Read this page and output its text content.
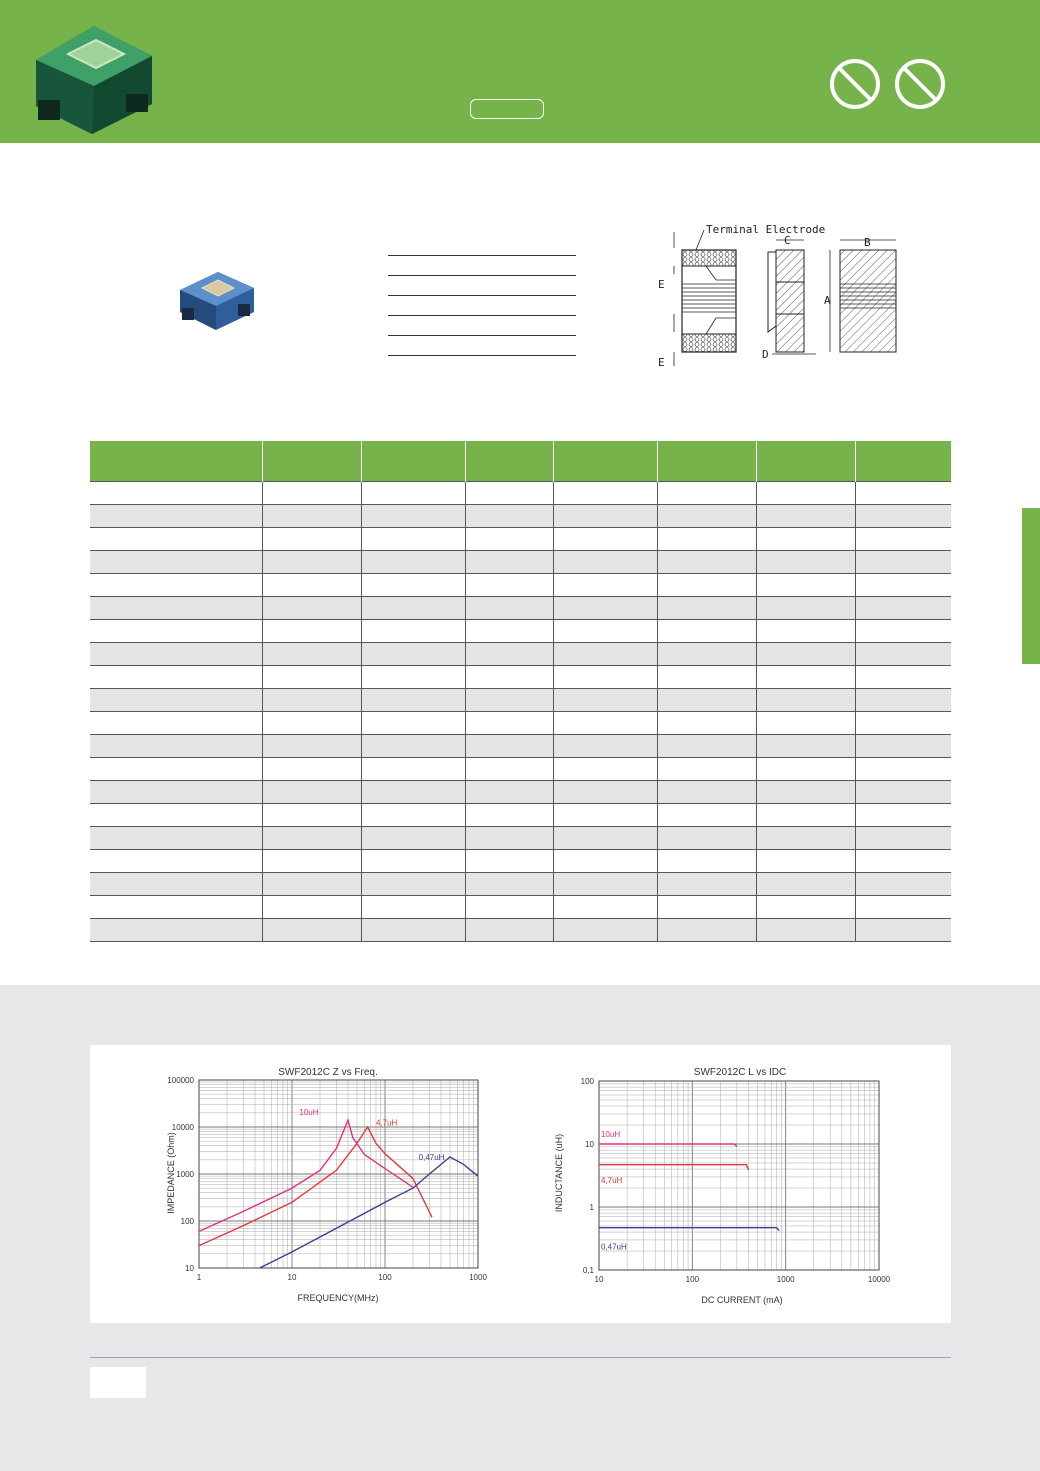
E
E
Terminal Electrode
C
D
B
A

SWF2012C Z vs Freq.
FREQUENCY(MHz)
IMPEDANCE (Ohm)
1	10	100	1000
10
100
1000
10000
100000
10uH
4,7uH
0,47uH
SWF2012C L vs IDC
DC CURRENT (mA)
INDUCTANCE (uH)
10	100	1000	10000
0,1
1
10
100
10uH
4,7uH
0,47uH
